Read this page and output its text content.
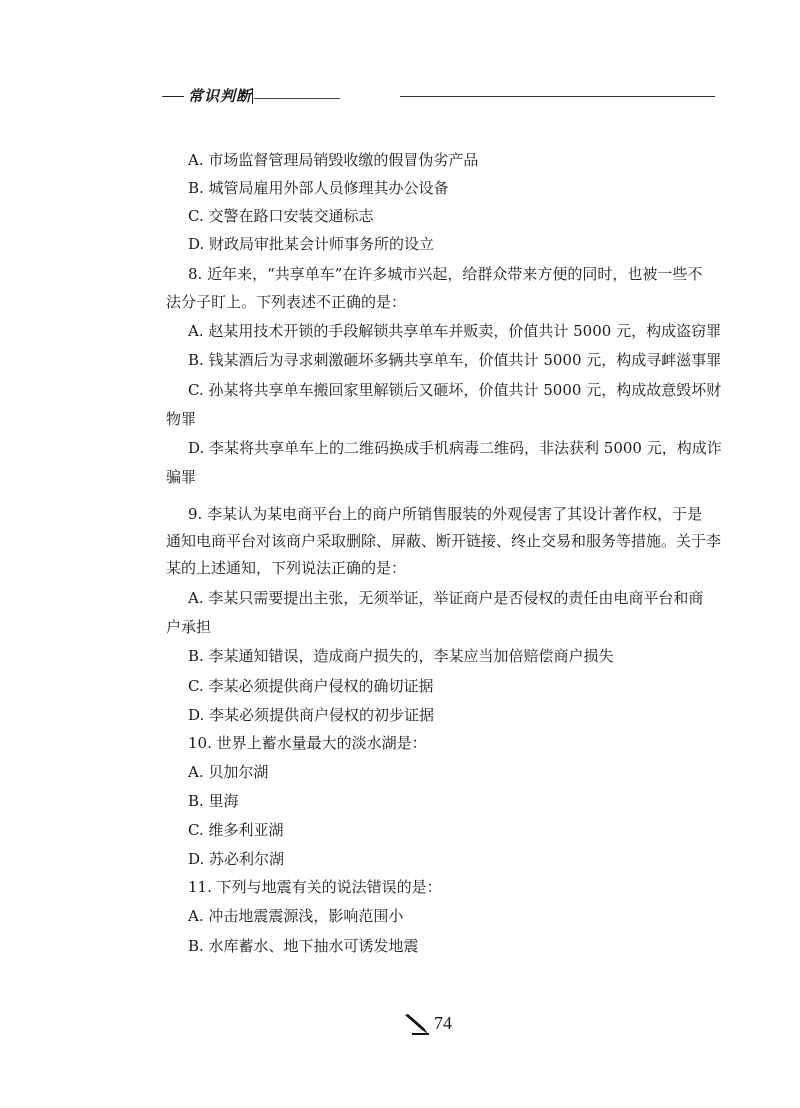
常识判断
A. 市场监督管理局销毁收缴的假冒伪劣产品
B. 城管局雇用外部人员修理其办公设备
C. 交警在路口安装交通标志
D. 财政局审批某会计师事务所的设立
8. 近年来，“共享单车”在许多城市兴起，给群众带来方便的同时，也被一些不
法分子盯上。下列表述不正确的是：
A. 赵某用技术开锁的手段解锁共享单车并贩卖，价值共计 5000 元，构成盗窃罪
B. 钱某酒后为寻求刺激砸坏多辆共享单车，价值共计 5000 元，构成寻衅滋事罪
C. 孙某将共享单车搬回家里解锁后又砸坏，价值共计 5000 元，构成故意毁坏财
物罪
D. 李某将共享单车上的二维码换成手机病毒二维码，非法获利 5000 元，构成诈
骗罪
9. 李某认为某电商平台上的商户所销售服装的外观侵害了其设计著作权，于是
通知电商平台对该商户采取删除、屏蔽、断开链接、终止交易和服务等措施。关于李
某的上述通知，下列说法正确的是：
A. 李某只需要提出主张，无须举证，举证商户是否侵权的责任由电商平台和商
户承担
B. 李某通知错误，造成商户损失的，李某应当加倍赔偿商户损失
C. 李某必须提供商户侵权的确切证据
D. 李某必须提供商户侵权的初步证据
10. 世界上蓄水量最大的淡水湖是：
A. 贝加尔湖
B. 里海
C. 维多利亚湖
D. 苏必利尔湖
11. 下列与地震有关的说法错误的是：
A. 冲击地震震源浅，影响范围小
B. 水库蓄水、地下抽水可诱发地震
74
